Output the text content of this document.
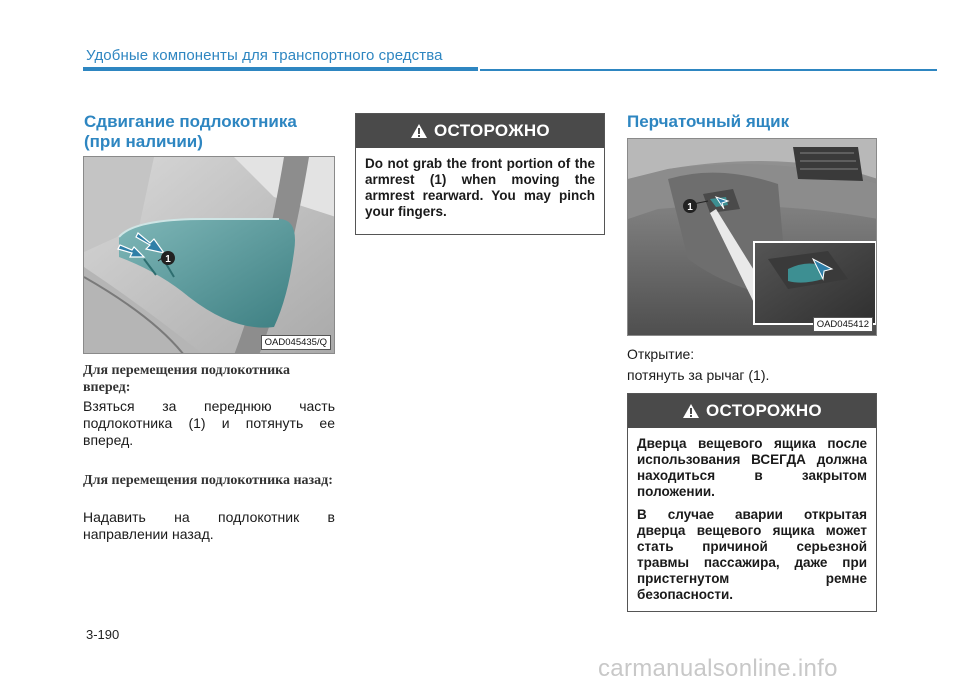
Удобные компоненты для транспортного средства
Сдвигание подлокотника
(при наличии)
1
OAD045435/Q
Для перемещения подлокотника вперед:
Взяться за переднюю часть подлокотника (1) и потянуть ее вперед.
Для перемещения подлокотника назад:
Надавить на подлокотник в направлении назад.
ОСТОРОЖНО

Do not grab the front portion of the armrest (1) when moving the armrest rearward. You may pinch your fingers.

Перчаточный ящик
1
OAD045412
Открытие:
потянуть за рычаг (1).
ОСТОРОЖНО

Дверца вещевого ящика после использования ВСЕГДА должна находиться в закрытом положении.

В случае аварии открытая дверца вещевого ящика может стать причиной серьезной травмы пассажира, даже при пристегнутом ремне безопасности.

3-190
carmanualsonline.info
